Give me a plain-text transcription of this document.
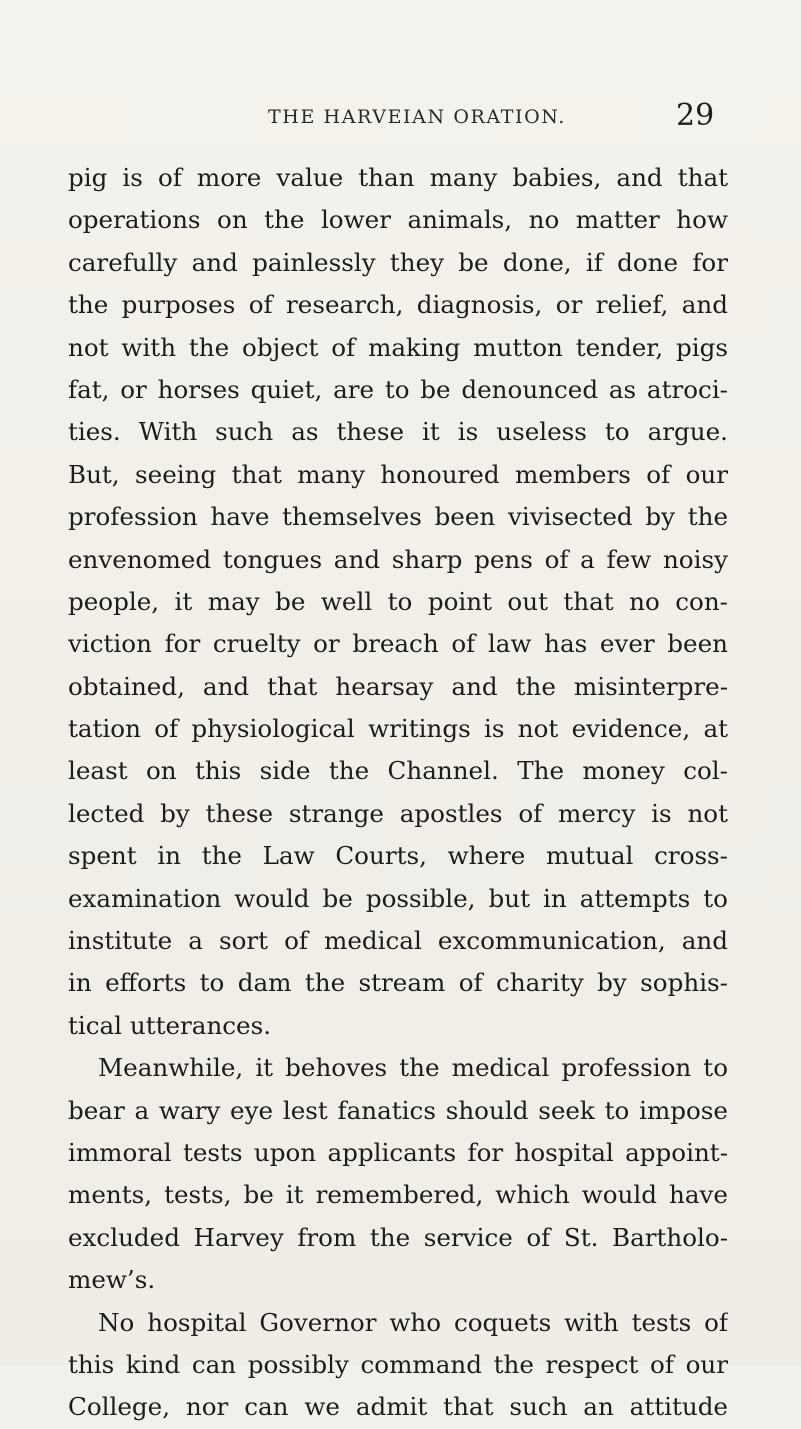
THE HARVEIAN ORATION.	29
pig is of more value than many babies, and that
operations on the lower animals, no matter how
carefully and painlessly they be done, if done for
the purposes of research, diagnosis, or relief, and
not with the object of making mutton tender, pigs
fat, or horses quiet, are to be denounced as atroci-
ties. With such as these it is useless to argue.
But, seeing that many honoured members of our
profession have themselves been vivisected by the
envenomed tongues and sharp pens of a few noisy
people, it may be well to point out that no con-
viction for cruelty or breach of law has ever been
obtained, and that hearsay and the misinterpre-
tation of physiological writings is not evidence, at
least on this side the Channel. The money col-
lected by these strange apostles of mercy is not
spent in the Law Courts, where mutual cross-
examination would be possible, but in attempts to
institute a sort of medical excommunication, and
in efforts to dam the stream of charity by sophis-
tical utterances.
Meanwhile, it behoves the medical profession to
bear a wary eye lest fanatics should seek to impose
immoral tests upon applicants for hospital appoint-
ments, tests, be it remembered, which would have
excluded Harvey from the service of St. Bartholo-
mew’s.
No hospital Governor who coquets with tests of
this kind can possibly command the respect of our
College, nor can we admit that such an attitude
